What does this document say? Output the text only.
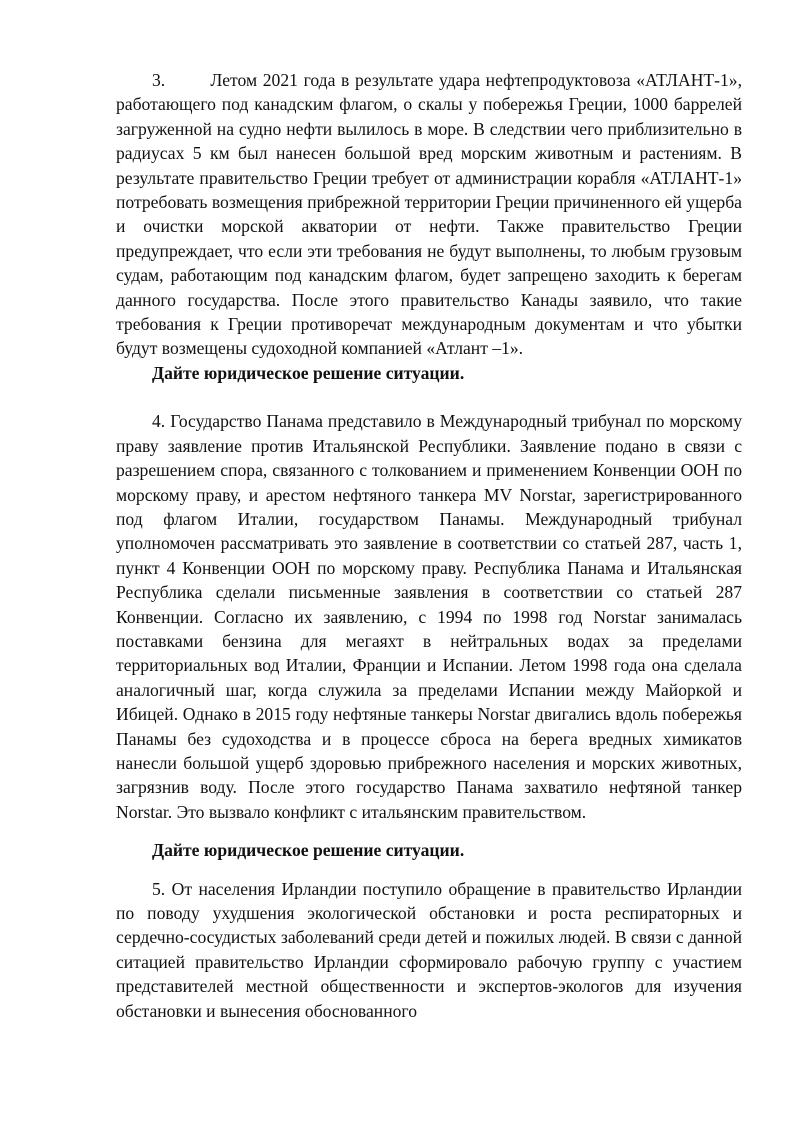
3.        Летом 2021 года в результате удара нефтепродуктовоза «АТЛАНТ-1», работающего под канадским флагом, о скалы у побережья Греции, 1000 баррелей загруженной на судно нефти вылилось в море. В следствии чего приблизительно в радиусах 5 км был нанесен большой вред морским животным и растениям. В результате правительство Греции требует от администрации корабля «АТЛАНТ-1» потребовать возмещения прибрежной территории Греции причиненного ей ущерба и очистки морской акватории от нефти. Также правительство Греции предупреждает, что если эти требования не будут выполнены, то любым грузовым судам, работающим под канадским флагом, будет запрещено заходить к берегам данного государства. После этого правительство Канады заявило, что такие требования к Греции противоречат международным документам и что убытки будут возмещены судоходной компанией «Атлант –1».

Дайте юридическое решение ситуации.

4. Государство Панама представило в Международный трибунал по морскому праву заявление против Итальянской Республики. Заявление подано в связи с разрешением спора, связанного с толкованием и применением Конвенции ООН по морскому праву, и арестом нефтяного танкера MV Norstar, зарегистрированного под флагом Италии, государством Панамы. Международный трибунал уполномочен рассматривать это заявление в соответствии со статьей 287, часть 1, пункт 4 Конвенции ООН по морскому праву. Республика Панама и Итальянская Республика сделали письменные заявления в соответствии со статьей 287 Конвенции. Согласно их заявлению, с 1994 по 1998 год Norstar занималась поставками бензина для мегаяхт в нейтральных водах за пределами территориальных вод Италии, Франции и Испании. Летом 1998 года она сделала аналогичный шаг, когда служила за пределами Испании между Майоркой и Ибицей. Однако в 2015 году нефтяные танкеры Norstar двигались вдоль побережья Панамы без судоходства и в процессе сброса на берега вредных химикатов нанесли большой ущерб здоровью прибрежного населения и морских животных, загрязнив воду. После этого государство Панама захватило нефтяной танкер Norstar. Это вызвало конфликт с итальянским правительством.

Дайте юридическое решение ситуации.

5. От населения Ирландии поступило обращение в правительство Ирландии по поводу ухудшения экологической обстановки и роста респираторных и сердечно-сосудистых заболеваний среди детей и пожилых людей. В связи с данной ситацией правительство Ирландии сформировало рабочую группу с участием представителей местной общественности и экспертов-экологов для изучения обстановки и вынесения обоснованного
